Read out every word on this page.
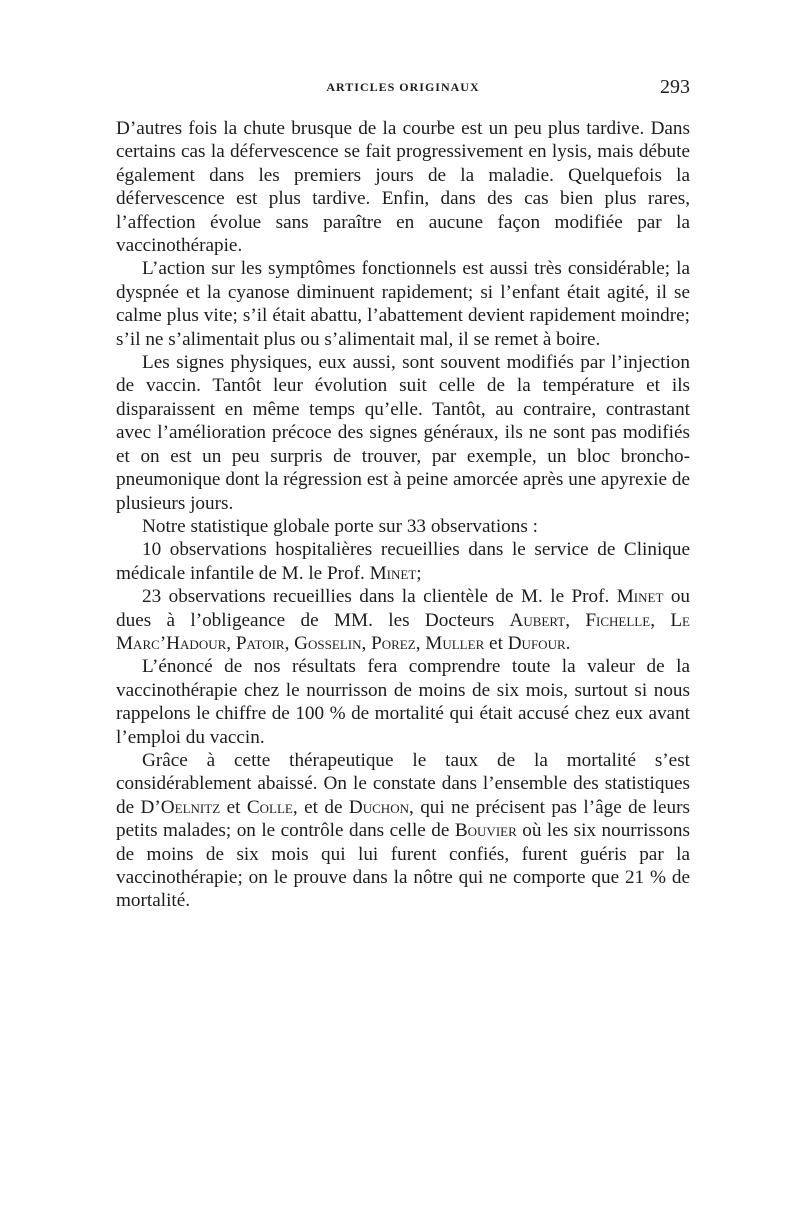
ARTICLES ORIGINAUX	293

D’autres fois la chute brusque de la courbe est un peu plus tardive. Dans certains cas la défervescence se fait progressivement en lysis, mais débute également dans les premiers jours de la maladie. Quelquefois la défervescence est plus tardive. Enfin, dans des cas bien plus rares, l’affection évolue sans paraître en aucune façon modifiée par la vaccinothérapie.

L’action sur les symptômes fonctionnels est aussi très considérable; la dyspnée et la cyanose diminuent rapidement; si l’enfant était agité, il se calme plus vite; s’il était abattu, l’abattement devient rapidement moindre; s’il ne s’alimentait plus ou s’alimentait mal, il se remet à boire.

Les signes physiques, eux aussi, sont souvent modifiés par l’injection de vaccin. Tantôt leur évolution suit celle de la température et ils disparaissent en même temps qu’elle. Tantôt, au contraire, contrastant avec l’amélioration précoce des signes généraux, ils ne sont pas modifiés et on est un peu surpris de trouver, par exemple, un bloc broncho-pneumonique dont la régression est à peine amorcée après une apyrexie de plusieurs jours.

Notre statistique globale porte sur 33 observations :

10 observations hospitalières recueillies dans le service de Clinique médicale infantile de M. le Prof. Minet;

23 observations recueillies dans la clientèle de M. le Prof. Minet ou dues à l’obligeance de MM. les Docteurs Aubert, Fichelle, Le Marc’Hadour, Patoir, Gosselin, Porez, Muller et Dufour.

L’énoncé de nos résultats fera comprendre toute la valeur de la vaccinothérapie chez le nourrisson de moins de six mois, surtout si nous rappelons le chiffre de 100 % de mortalité qui était accusé chez eux avant l’emploi du vaccin.

Grâce à cette thérapeutique le taux de la mortalité s’est considérablement abaissé. On le constate dans l’ensemble des statistiques de D’Oelnitz et Colle, et de Duchon, qui ne précisent pas l’âge de leurs petits malades; on le contrôle dans celle de Bouvier où les six nourrissons de moins de six mois qui lui furent confiés, furent guéris par la vaccinothérapie; on le prouve dans la nôtre qui ne comporte que 21 % de mortalité.
